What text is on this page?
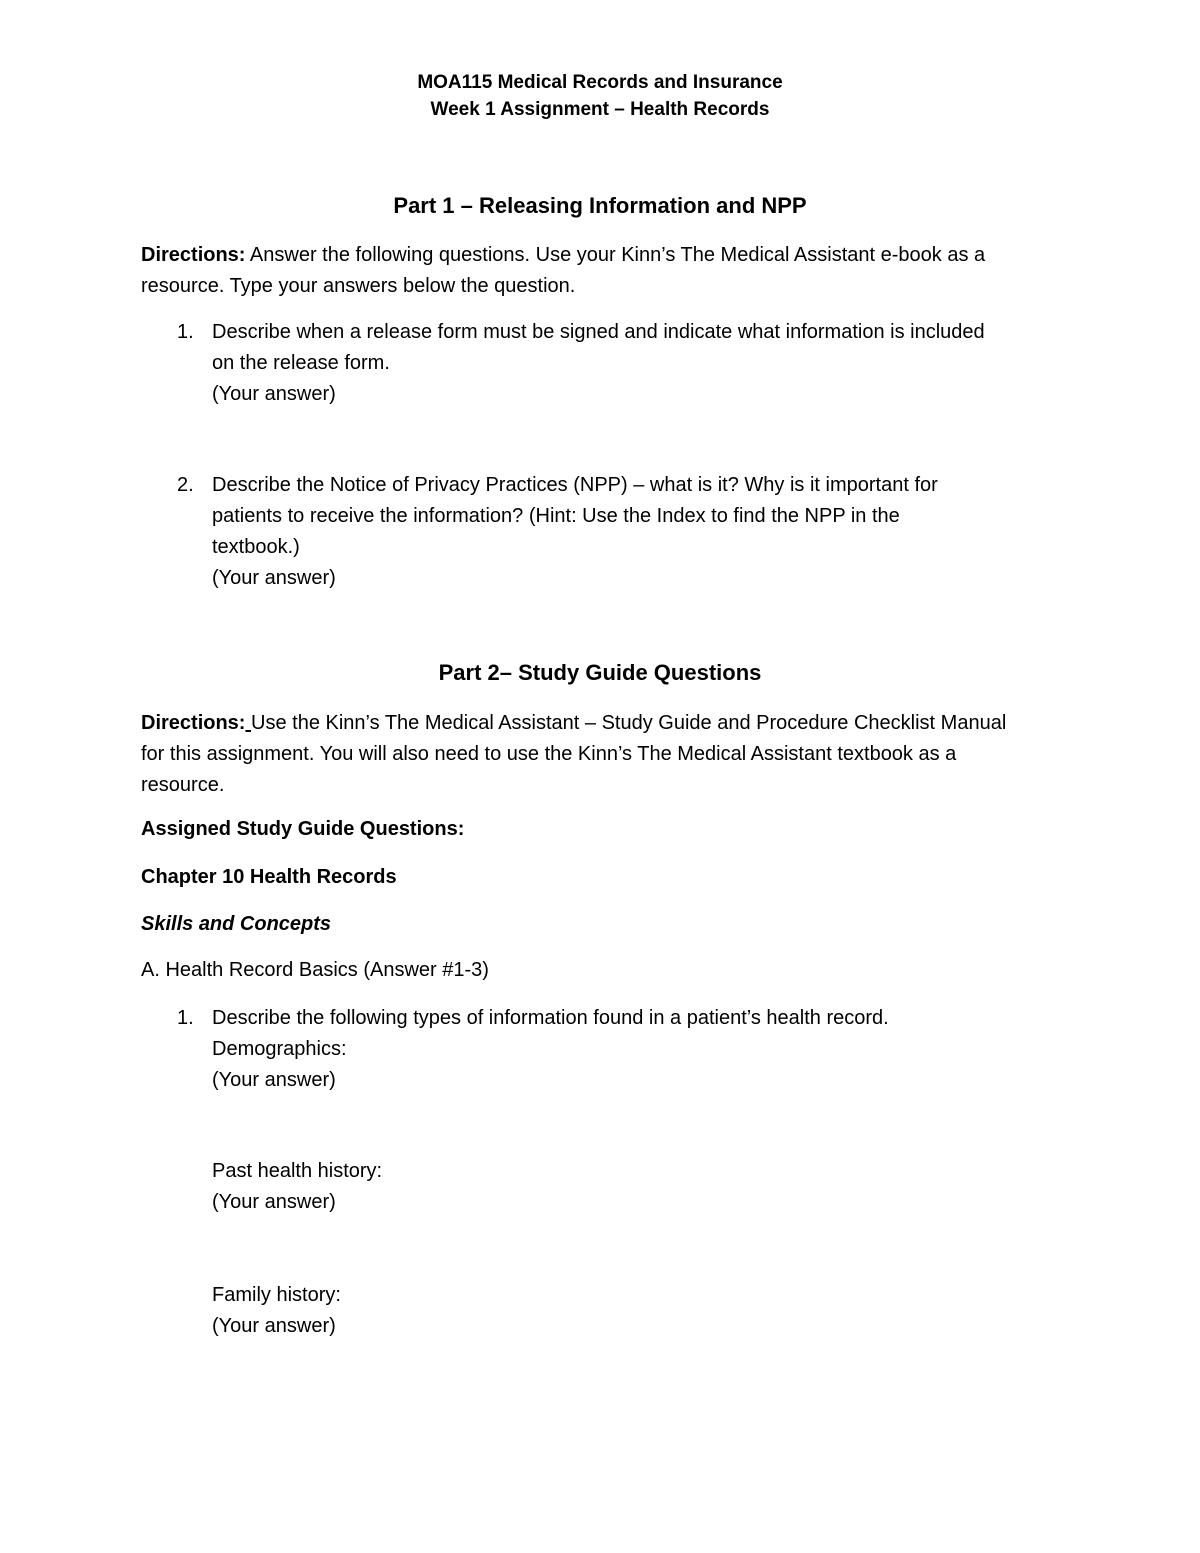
MOA115 Medical Records and Insurance
Week 1 Assignment – Health Records
Part 1 – Releasing Information and NPP
Directions: Answer the following questions. Use your Kinn’s The Medical Assistant e-book as a
resource. Type your answers below the question.
1. Describe when a release form must be signed and indicate what information is included
on the release form.
(Your answer)
2. Describe the Notice of Privacy Practices (NPP) – what is it? Why is it important for
patients to receive the information? (Hint: Use the Index to find the NPP in the
textbook.)
(Your answer)
Part 2– Study Guide Questions
Directions: Use the Kinn’s The Medical Assistant – Study Guide and Procedure Checklist Manual
for this assignment. You will also need to use the Kinn’s The Medical Assistant textbook as a
resource.
Assigned Study Guide Questions:
Chapter 10 Health Records
Skills and Concepts
A. Health Record Basics (Answer #1-3)
1. Describe the following types of information found in a patient’s health record.
Demographics:
(Your answer)
Past health history:
(Your answer)
Family history:
(Your answer)
